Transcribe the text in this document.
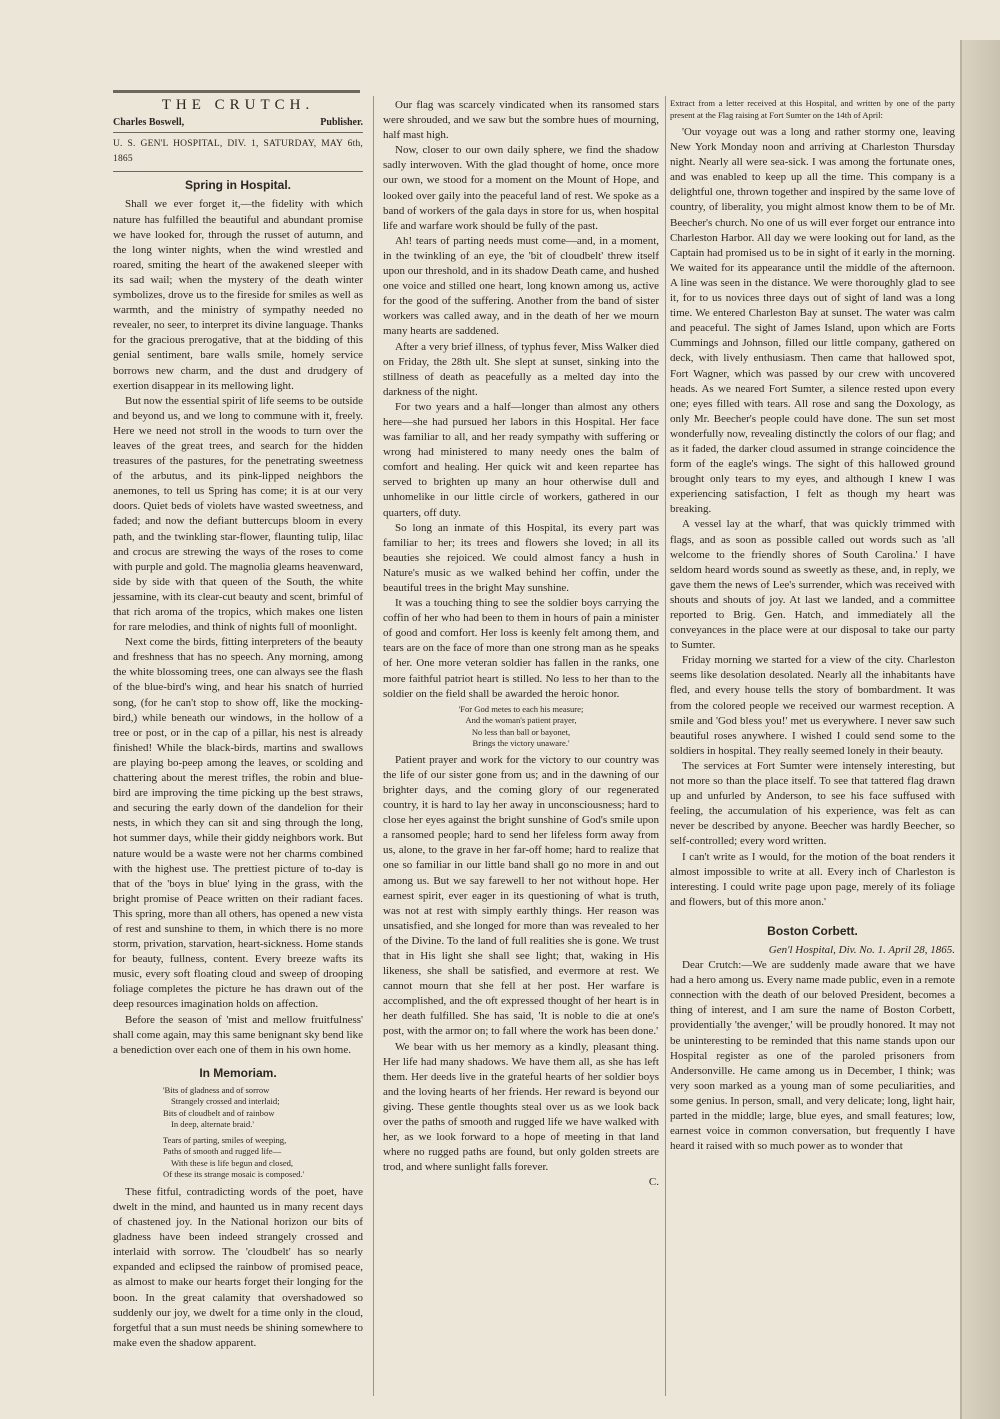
THE CRUTCH.
Charles Boswell,	Publisher.
U. S. GEN'L HOSPITAL, DIV. 1, SATURDAY, MAY 6th, 1865
Spring in Hospital.

Shall we ever forget it,—the fidelity with which nature has fulfilled the beautiful and abundant promise we have looked for, through the russet of autumn, and the long winter nights, when the wind wrestled and roared, smiting the heart of the awakened sleeper with its sad wail; when the mystery of the death winter symbolizes, drove us to the fireside for smiles as well as warmth, and the ministry of sympathy needed no revealer, no seer, to interpret its divine language. Thanks for the gracious prerogative, that at the bidding of this genial sentiment, bare walls smile, homely service borrows new charm, and the dust and drudgery of exertion disappear in its mellowing light.

But now the essential spirit of life seems to be outside and beyond us, and we long to commune with it, freely. Here we need not stroll in the woods to turn over the leaves of the great trees, and search for the hidden treasures of the pastures, for the penetrating sweetness of the arbutus, and its pink-lipped neighbors the anemones, to tell us Spring has come; it is at our very doors. Quiet beds of violets have wasted sweetness, and faded; and now the defiant buttercups bloom in every path, and the twinkling star-flower, flaunting tulip, lilac and crocus are strewing the ways of the roses to come with purple and gold. The magnolia gleams heavenward, side by side with that queen of the South, the white jessamine, with its clear-cut beauty and scent, brimful of that rich aroma of the tropics, which makes one listen for rare melodies, and think of nights full of moonlight.

Next come the birds, fitting interpreters of the beauty and freshness that has no speech. Any morning, among the white blossoming trees, one can always see the flash of the blue-bird's wing, and hear his snatch of hurried song, (for he can't stop to show off, like the mocking-bird,) while beneath our windows, in the hollow of a tree or post, or in the cap of a pillar, his nest is already finished! While the black-birds, martins and swallows are playing bo-peep among the leaves, or scolding and chattering about the merest trifles, the robin and blue-bird are improving the time picking up the best straws, and securing the early down of the dandelion for their nests, in which they can sit and sing through the long, hot summer days, while their giddy neighbors work. But nature would be a waste were not her charms combined with the highest use. The prettiest picture of to-day is that of the 'boys in blue' lying in the grass, with the bright promise of Peace written on their radiant faces. This spring, more than all others, has opened a new vista of rest and sunshine to them, in which there is no more storm, privation, starvation, heart-sickness. Home stands for beauty, fullness, content. Every breeze wafts its music, every soft floating cloud and sweep of drooping foliage completes the picture he has drawn out of the deep resources imagination holds on affection.

Before the season of 'mist and mellow fruitfulness' shall come again, may this same benignant sky bend like a benediction over each one of them in his own home.

In Memoriam.
'Bits of gladness and of sorrow
Strangely crossed and interlaid;
Bits of cloudbelt and of rainbow
In deep, alternate braid.'
Tears of parting, smiles of weeping,
Paths of smooth and rugged life—
With these is life begun and closed,
Of these its strange mosaic is composed.'

These fitful, contradicting words of the poet, have dwelt in the mind, and haunted us in many recent days of chastened joy. In the National horizon our bits of gladness have been indeed strangely crossed and interlaid with sorrow. The 'cloudbelt' has so nearly expanded and eclipsed the rainbow of promised peace, as almost to make our hearts forget their longing for the boon. In the great calamity that overshadowed so suddenly our joy, we dwelt for a time only in the cloud, forgetful that a sun must needs be shining somewhere to make even the shadow apparent.

Our flag was scarcely vindicated when its ransomed stars were shrouded, and we saw but the sombre hues of mourning, half mast high.

Now, closer to our own daily sphere, we find the shadow sadly interwoven. With the glad thought of home, once more our own, we stood for a moment on the Mount of Hope, and looked over gaily into the peaceful land of rest. We spoke as a band of workers of the gala days in store for us, when hospital life and warfare work should be fully of the past.

Ah! tears of parting needs must come—and, in a moment, in the twinkling of an eye, the 'bit of cloudbelt' threw itself upon our threshold, and in its shadow Death came, and hushed one voice and stilled one heart, long known among us, active for the good of the suffering. Another from the band of sister workers was called away, and in the death of her we mourn many hearts are saddened.

After a very brief illness, of typhus fever, Miss Walker died on Friday, the 28th ult. She slept at sunset, sinking into the stillness of death as peacefully as a melted day into the darkness of the night.

For two years and a half—longer than almost any others here—she had pursued her labors in this Hospital. Her face was familiar to all, and her ready sympathy with suffering or wrong had ministered to many needy ones the balm of comfort and healing. Her quick wit and keen repartee has served to brighten up many an hour otherwise dull and unhomelike in our little circle of workers, gathered in our quarters, off duty.

So long an inmate of this Hospital, its every part was familiar to her; its trees and flowers she loved; in all its beauties she rejoiced. We could almost fancy a hush in Nature's music as we walked behind her coffin, under the beautiful trees in the bright May sunshine.

It was a touching thing to see the soldier boys carrying the coffin of her who had been to them in hours of pain a minister of good and comfort. Her loss is keenly felt among them, and tears are on the face of more than one strong man as he speaks of her. One more veteran soldier has fallen in the ranks, one more faithful patriot heart is stilled. No less to her than to the soldier on the field shall be awarded the heroic honor.

'For God metes to each his measure;
And the woman's patient prayer,
No less than ball or bayonet,
Brings the victory unaware.'

Patient prayer and work for the victory to our country was the life of our sister gone from us; and in the dawning of our brighter days, and the coming glory of our regenerated country, it is hard to lay her away in unconsciousness; hard to close her eyes against the bright sunshine of God's smile upon a ransomed people; hard to send her lifeless form away from us, alone, to the grave in her far-off home; hard to realize that one so familiar in our little band shall go no more in and out among us. But we say farewell to her not without hope. Her earnest spirit, ever eager in its questioning of what is truth, was not at rest with simply earthly things. Her reason was unsatisfied, and she longed for more than was revealed to her of the Divine. To the land of full realities she is gone. We trust that in His light she shall see light; that, waking in His likeness, she shall be satisfied, and evermore at rest. We cannot mourn that she fell at her post. Her warfare is accomplished, and the oft expressed thought of her heart is in her death fulfilled. She has said, 'It is noble to die at one's post, with the armor on; to fall where the work has been done.'

We bear with us her memory as a kindly, pleasant thing. Her life had many shadows. We have them all, as she has left them. Her deeds live in the grateful hearts of her soldier boys and the loving hearts of her friends. Her reward is beyond our giving. These gentle thoughts steal over us as we look back over the paths of smooth and rugged life we have walked with her, as we look forward to a hope of meeting in that land where no rugged paths are found, but only golden streets are trod, and where sunlight falls forever.

C.
Extract from a letter received at this Hospital, and written by one of the party present at the Flag raising at Fort Sumter on the 14th of April:

'Our voyage out was a long and rather stormy one, leaving New York Monday noon and arriving at Charleston Thursday night. Nearly all were sea-sick. I was among the fortunate ones, and was enabled to keep up all the time. This company is a delightful one, thrown together and inspired by the same love of country, of liberality, you might almost know them to be of Mr. Beecher's church. No one of us will ever forget our entrance into Charleston Harbor. All day we were looking out for land, as the Captain had promised us to be in sight of it early in the morning. We waited for its appearance until the middle of the afternoon. A line was seen in the distance. We were thoroughly glad to see it, for to us novices three days out of sight of land was a long time. We entered Charleston Bay at sunset. The water was calm and peaceful. The sight of James Island, upon which are Forts Cummings and Johnson, filled our little company, gathered on deck, with lively enthusiasm. Then came that hallowed spot, Fort Wagner, which was passed by our crew with uncovered heads. As we neared Fort Sumter, a silence rested upon every one; eyes filled with tears. All rose and sang the Doxology, as only Mr. Beecher's people could have done. The sun set most wonderfully now, revealing distinctly the colors of our flag; and as it faded, the darker cloud assumed in strange coincidence the form of the eagle's wings. The sight of this hallowed ground brought only tears to my eyes, and although I knew I was experiencing satisfaction, I felt as though my heart was breaking.

A vessel lay at the wharf, that was quickly trimmed with flags, and as soon as possible called out words such as 'all welcome to the friendly shores of South Carolina.' I have seldom heard words sound as sweetly as these, and, in reply, we gave them the news of Lee's surrender, which was received with shouts and shouts of joy. At last we landed, and a committee reported to Brig. Gen. Hatch, and immediately all the conveyances in the place were at our disposal to take our party to Sumter.

Friday morning we started for a view of the city. Charleston seems like desolation desolated. Nearly all the inhabitants have fled, and every house tells the story of bombardment. It was from the colored people we received our warmest reception. A smile and 'God bless you!' met us everywhere. I never saw such beautiful roses anywhere. I wished I could send some to the soldiers in hospital. They really seemed lonely in their beauty.

The services at Fort Sumter were intensely interesting, but not more so than the place itself. To see that tattered flag drawn up and unfurled by Anderson, to see his face suffused with feeling, the accumulation of his experience, was felt as can never be described by anyone. Beecher was hardly Beecher, so self-controlled; every word written.

I can't write as I would, for the motion of the boat renders it almost impossible to write at all. Every inch of Charleston is interesting. I could write page upon page, merely of its foliage and flowers, but of this more anon.'

Boston Corbett.
Gen'l Hospital, Div. No. 1. April 28, 1865.

Dear Crutch:—We are suddenly made aware that we have had a hero among us. Every name made public, even in a remote connection with the death of our beloved President, becomes a thing of interest, and I am sure the name of Boston Corbett, providentially 'the avenger,' will be proudly honored. It may not be uninteresting to be reminded that this name stands upon our Hospital register as one of the paroled prisoners from Andersonville. He came among us in December, I think; was very soon marked as a young man of some peculiarities, and some genius. In person, small, and very delicate; long, light hair, parted in the middle; large, blue eyes, and small features; low, earnest voice in common conversation, but frequently I have heard it raised with so much power as to wonder that
